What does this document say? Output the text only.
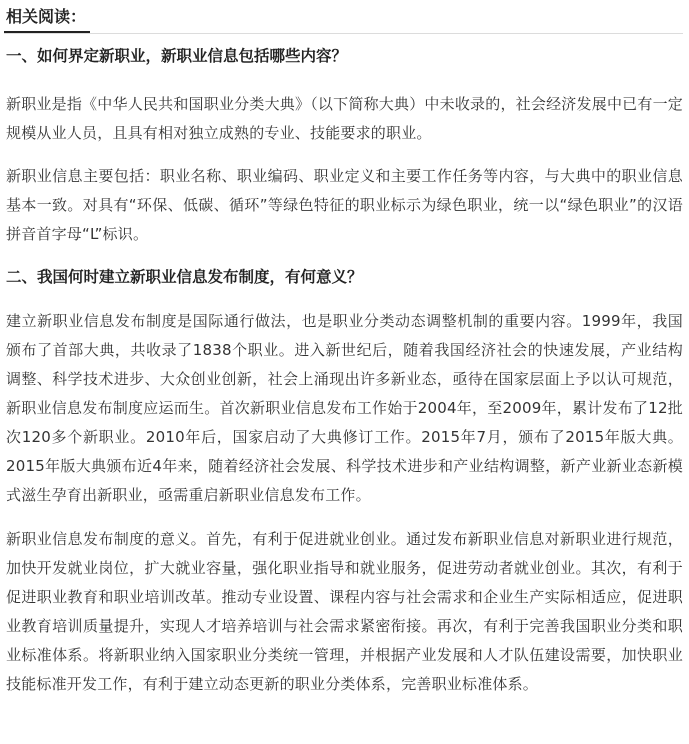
相关阅读：
一、如何界定新职业，新职业信息包括哪些内容？

新职业是指《中华人民共和国职业分类大典》（以下简称大典）中未收录的，社会经济发展中已有一定规模从业人员，且具有相对独立成熟的专业、技能要求的职业。

新职业信息主要包括：职业名称、职业编码、职业定义和主要工作任务等内容，与大典中的职业信息基本一致。对具有“环保、低碳、循环”等绿色特征的职业标示为绿色职业，统一以“绿色职业”的汉语拼音首字母“L”标识。

二、我国何时建立新职业信息发布制度，有何意义？

建立新职业信息发布制度是国际通行做法，也是职业分类动态调整机制的重要内容。1999年，我国颁布了首部大典，共收录了1838个职业。进入新世纪后，随着我国经济社会的快速发展，产业结构调整、科学技术进步、大众创业创新，社会上涌现出许多新业态，亟待在国家层面上予以认可规范，新职业信息发布制度应运而生。首次新职业信息发布工作始于2004年，至2009年，累计发布了12批次120多个新职业。2010年后，国家启动了大典修订工作。2015年7月，颁布了2015年版大典。2015年版大典颁布近4年来，随着经济社会发展、科学技术进步和产业结构调整，新产业新业态新模式滋生孕育出新职业，亟需重启新职业信息发布工作。

新职业信息发布制度的意义。首先，有利于促进就业创业。通过发布新职业信息对新职业进行规范，加快开发就业岗位，扩大就业容量，强化职业指导和就业服务，促进劳动者就业创业。其次，有利于促进职业教育和职业培训改革。推动专业设置、课程内容与社会需求和企业生产实际相适应，促进职业教育培训质量提升，实现人才培养培训与社会需求紧密衔接。再次，有利于完善我国职业分类和职业标准体系。将新职业纳入国家职业分类统一管理，并根据产业发展和人才队伍建设需要，加快职业技能标准开发工作，有利于建立动态更新的职业分类体系，完善职业标准体系。
